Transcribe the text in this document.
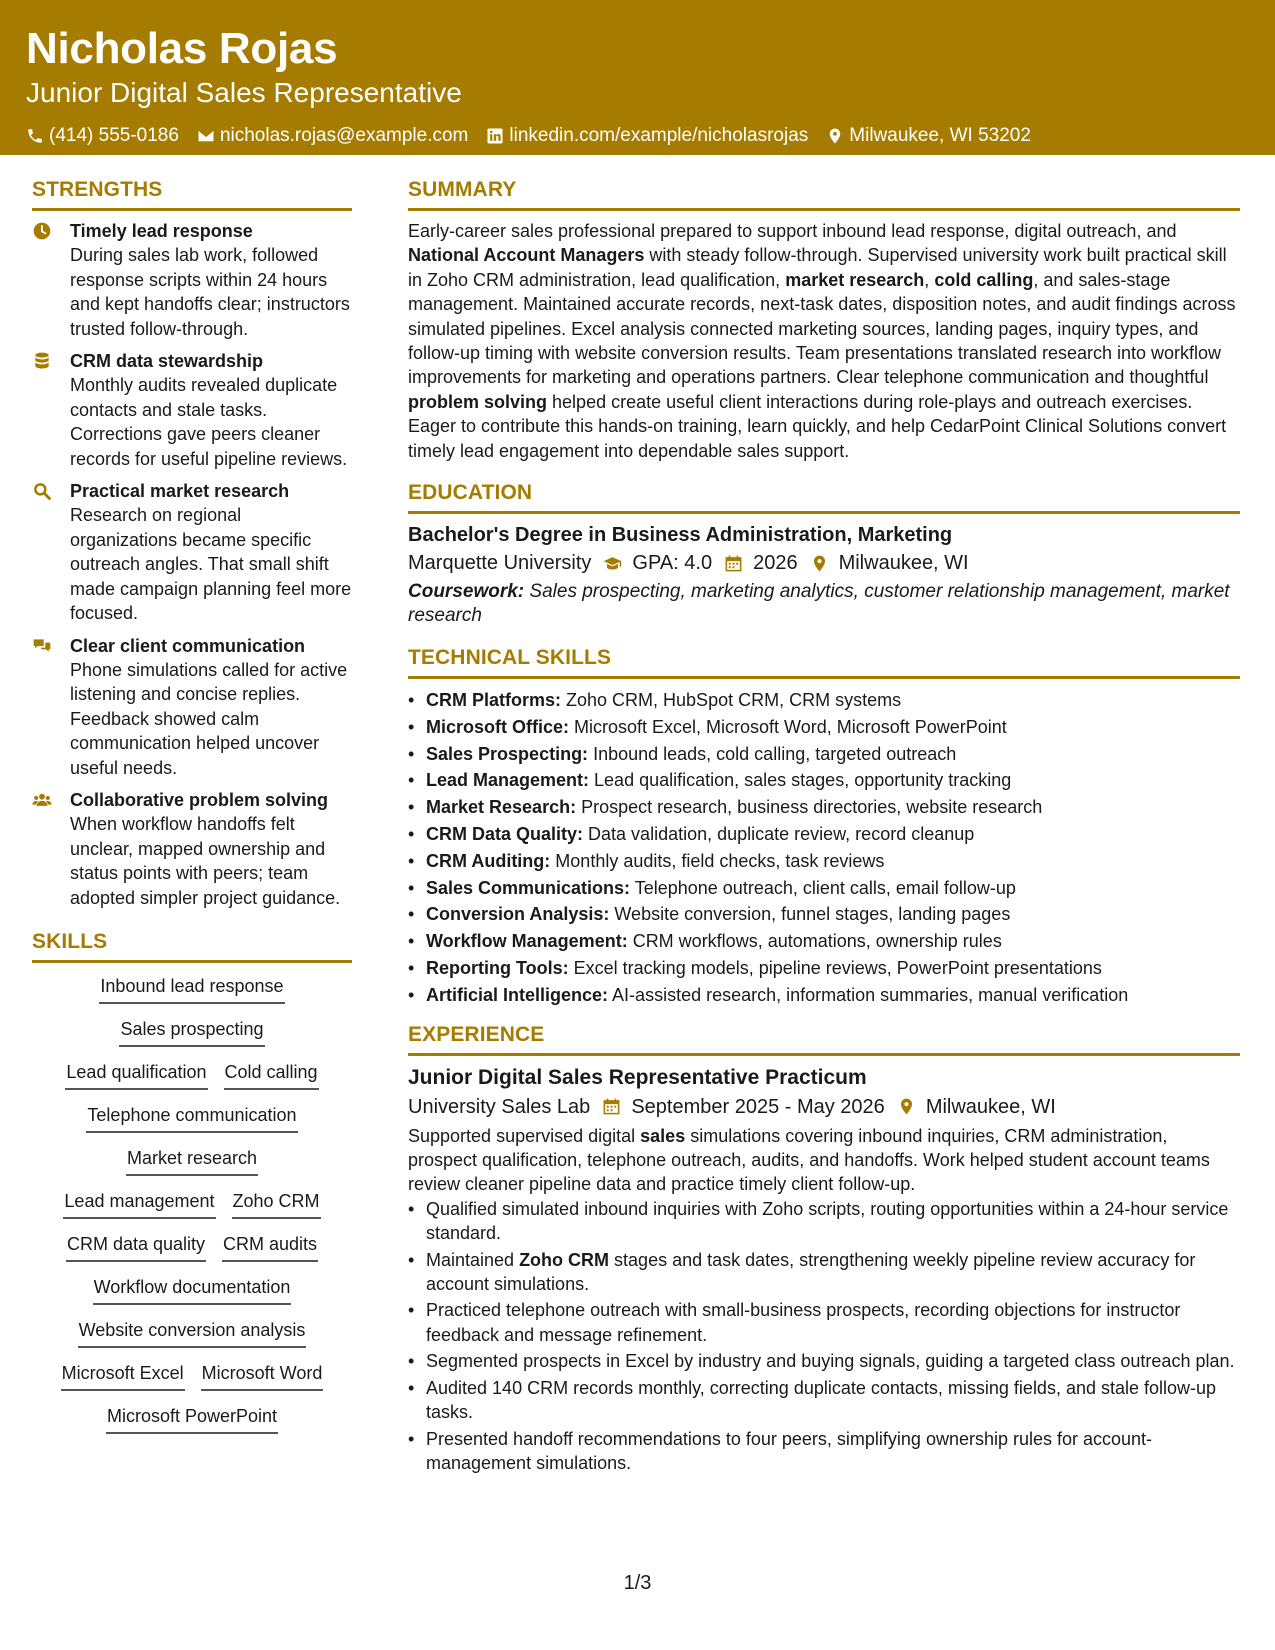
Nicholas Rojas
Junior Digital Sales Representative
(414) 555-0186 nicholas.rojas@example.com linkedin.com/example/nicholasrojas Milwaukee, WI 53202
STRENGTHS
Timely lead response
During sales lab work, followed response scripts within 24 hours and kept handoffs clear; instructors trusted follow-through.
CRM data stewardship
Monthly audits revealed duplicate contacts and stale tasks. Corrections gave peers cleaner records for useful pipeline reviews.
Practical market research
Research on regional organizations became specific outreach angles. That small shift made campaign planning feel more focused.
Clear client communication
Phone simulations called for active listening and concise replies. Feedback showed calm communication helped uncover useful needs.
Collaborative problem solving
When workflow handoffs felt unclear, mapped ownership and status points with peers; team adopted simpler project guidance.
SKILLS
Inbound lead response
Sales prospecting
Lead qualification Cold calling
Telephone communication
Market research
Lead management Zoho CRM
CRM data quality CRM audits
Workflow documentation
Website conversion analysis
Microsoft Excel Microsoft Word
Microsoft PowerPoint
SUMMARY
Early-career sales professional prepared to support inbound lead response, digital outreach, and National Account Managers with steady follow-through. Supervised university work built practical skill in Zoho CRM administration, lead qualification, market research, cold calling, and sales-stage management. Maintained accurate records, next-task dates, disposition notes, and audit findings across simulated pipelines. Excel analysis connected marketing sources, landing pages, inquiry types, and follow-up timing with website conversion results. Team presentations translated research into workflow improvements for marketing and operations partners. Clear telephone communication and thoughtful problem solving helped create useful client interactions during role-plays and outreach exercises. Eager to contribute this hands-on training, learn quickly, and help CedarPoint Clinical Solutions convert timely lead engagement into dependable sales support.
EDUCATION
Bachelor's Degree in Business Administration, Marketing
Marquette University GPA: 4.0 2026 Milwaukee, WI
Coursework: Sales prospecting, marketing analytics, customer relationship management, market research
TECHNICAL SKILLS
• CRM Platforms: Zoho CRM, HubSpot CRM, CRM systems
• Microsoft Office: Microsoft Excel, Microsoft Word, Microsoft PowerPoint
• Sales Prospecting: Inbound leads, cold calling, targeted outreach
• Lead Management: Lead qualification, sales stages, opportunity tracking
• Market Research: Prospect research, business directories, website research
• CRM Data Quality: Data validation, duplicate review, record cleanup
• CRM Auditing: Monthly audits, field checks, task reviews
• Sales Communications: Telephone outreach, client calls, email follow-up
• Conversion Analysis: Website conversion, funnel stages, landing pages
• Workflow Management: CRM workflows, automations, ownership rules
• Reporting Tools: Excel tracking models, pipeline reviews, PowerPoint presentations
• Artificial Intelligence: AI-assisted research, information summaries, manual verification
EXPERIENCE
Junior Digital Sales Representative Practicum
University Sales Lab September 2025 - May 2026 Milwaukee, WI
Supported supervised digital sales simulations covering inbound inquiries, CRM administration, prospect qualification, telephone outreach, audits, and handoffs. Work helped student account teams review cleaner pipeline data and practice timely client follow-up.
• Qualified simulated inbound inquiries with Zoho scripts, routing opportunities within a 24-hour service standard.
• Maintained Zoho CRM stages and task dates, strengthening weekly pipeline review accuracy for account simulations.
• Practiced telephone outreach with small-business prospects, recording objections for instructor feedback and message refinement.
• Segmented prospects in Excel by industry and buying signals, guiding a targeted class outreach plan.
• Audited 140 CRM records monthly, correcting duplicate contacts, missing fields, and stale follow-up tasks.
• Presented handoff recommendations to four peers, simplifying ownership rules for account-management simulations.
1/3
